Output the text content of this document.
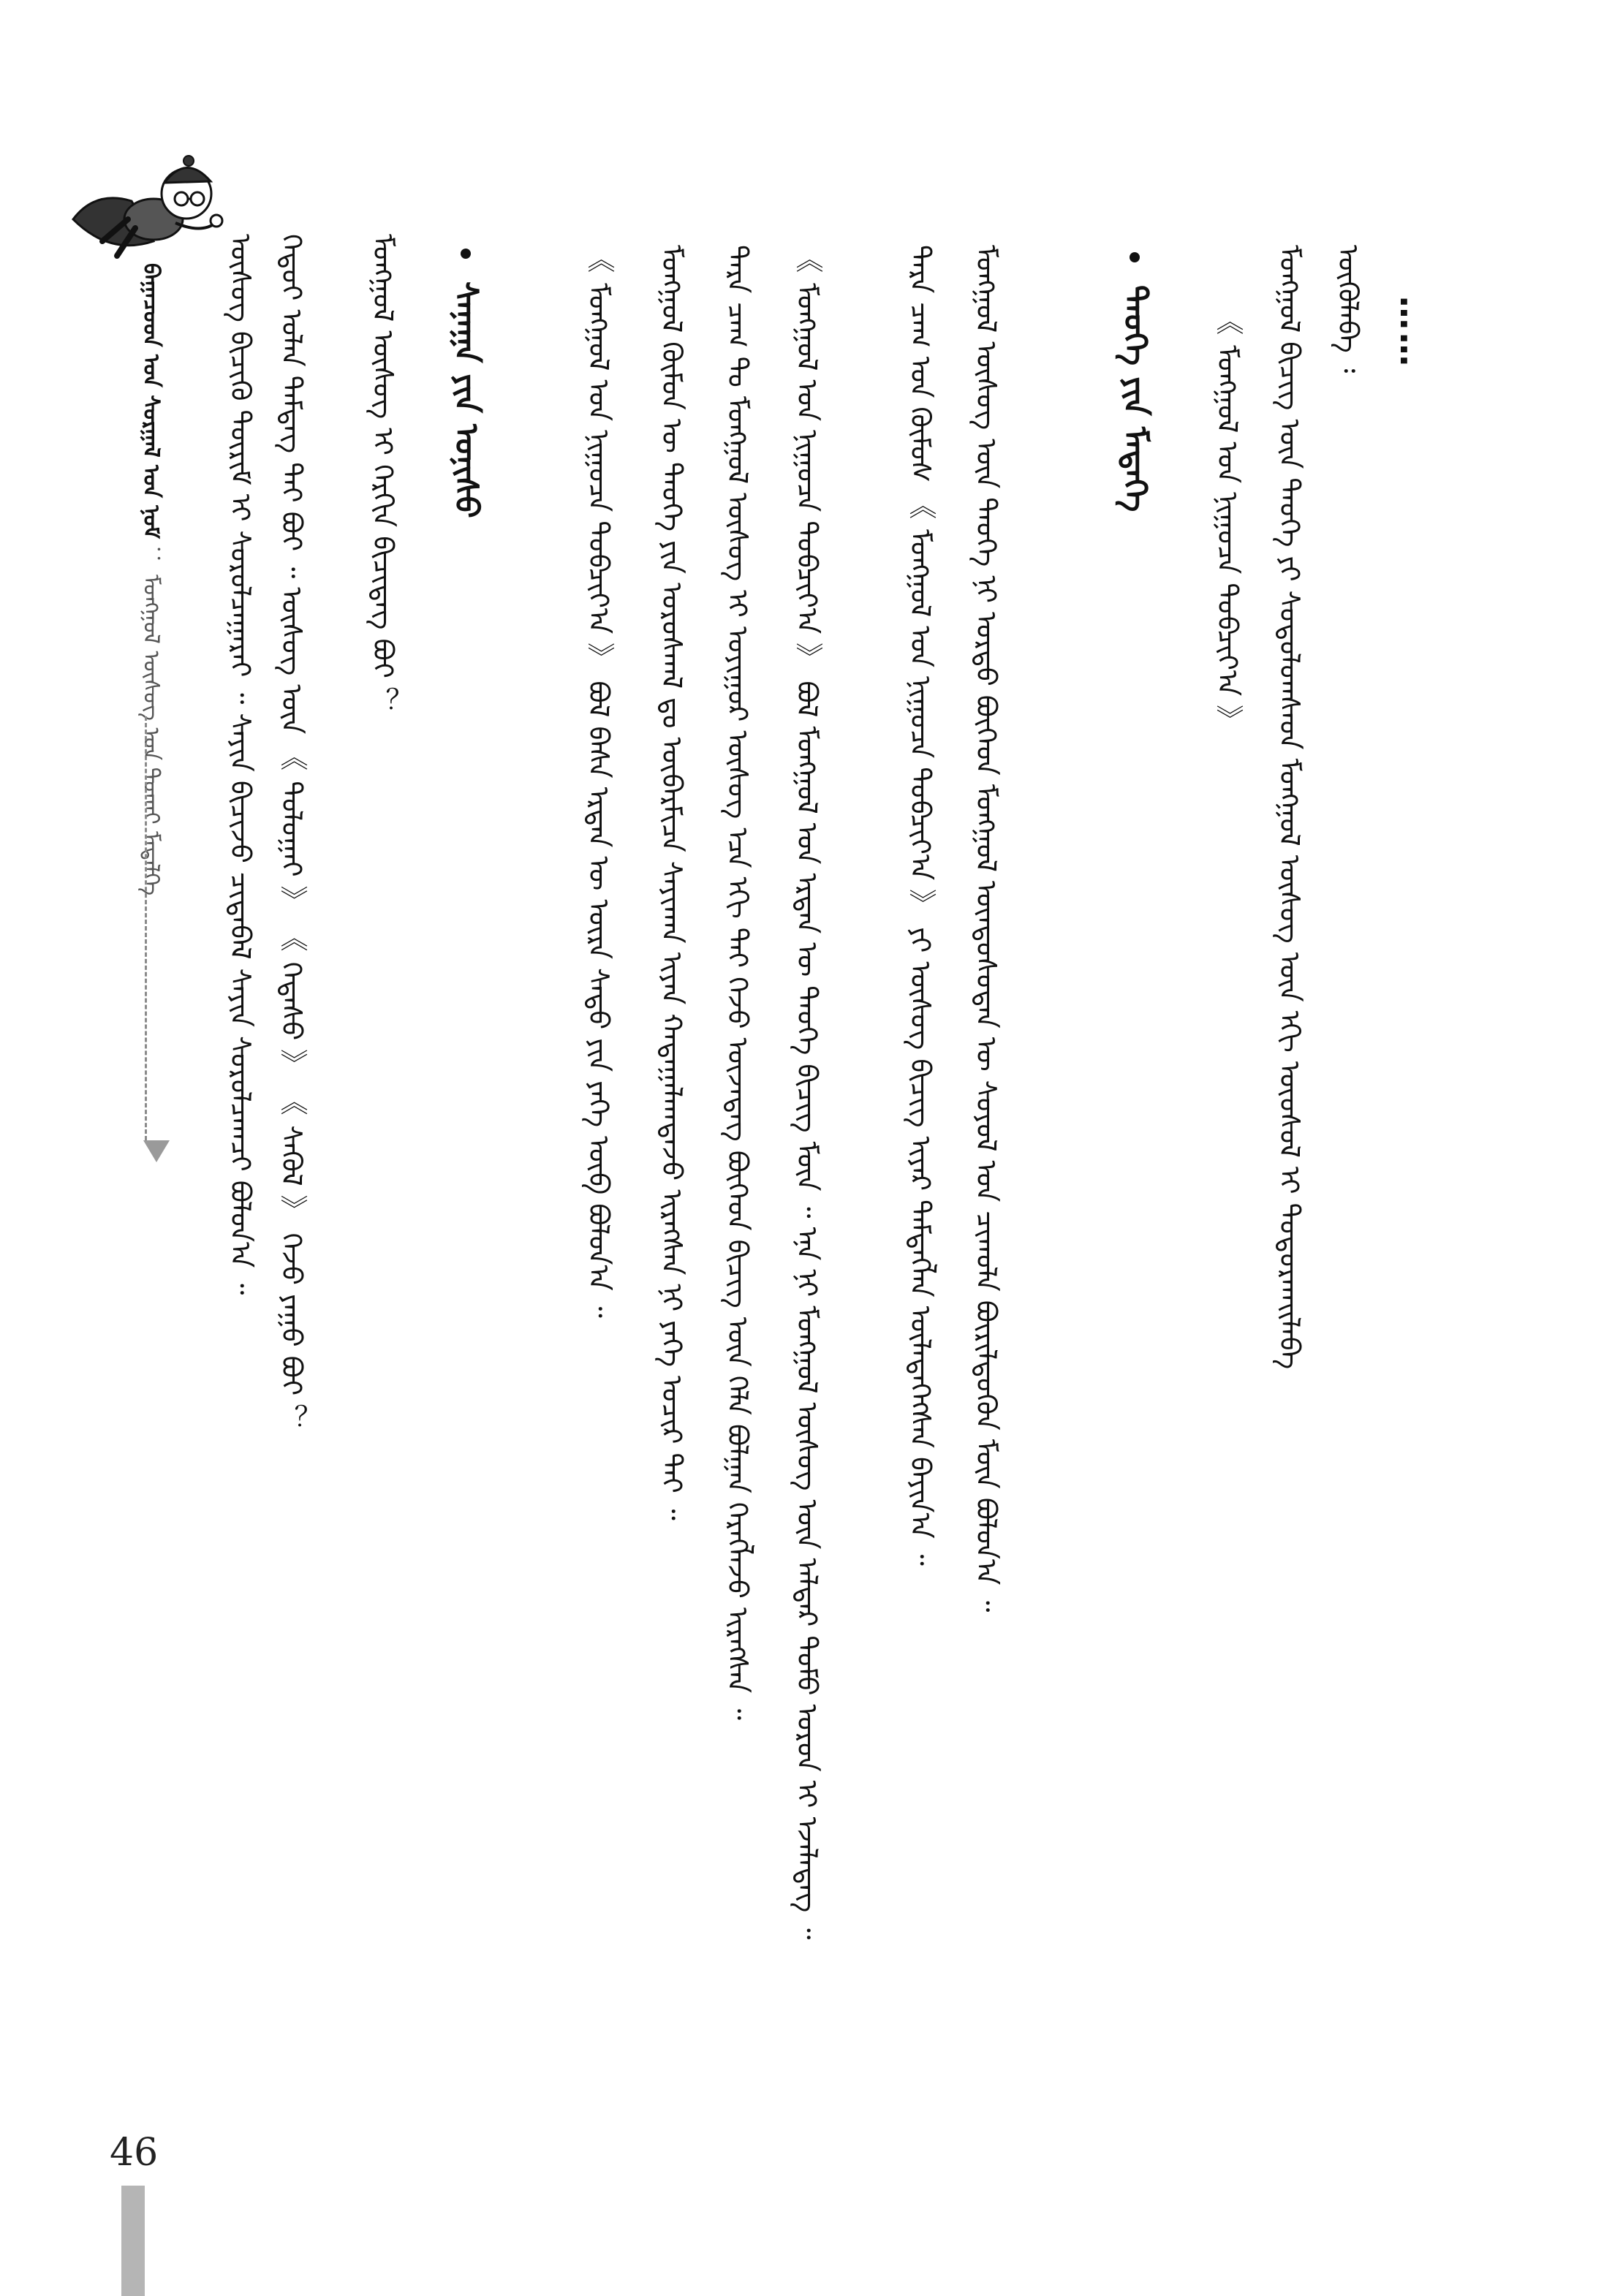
ᠪᠠᠭᠠᠴᠤᠳ ᠤᠨ ᠰᠤᠷᠭᠠᠯ ᠤᠨ ᠨᠣᠮ ： ᠮᠣᠩᠭᠣᠯ ᠦᠰᠦᠭ ᠤᠨ ᠲᠤᠬᠠᠢ ᠮᠡᠳᠡᠯᠭᠡ ᠦᠰᠦᠭ ᠪᠢᠴᠢᠬᠦ ᠳᠦᠷᠢᠮ ᠢ ᠰᠤᠷᠤᠯᠴᠠᠭᠠᠷᠠᠢ ᠃ ᠰᠠᠶᠢᠨ ᠪᠢᠴᠢᠵᠦ ᠴᠢᠳᠠᠪᠠᠯ ᠰᠠᠶᠢᠨ ᠰᠤᠷᠤᠯᠴᠠᠭᠴᠢ ᠪᠣᠯᠤᠨ᠎ᠠ ᠃ ᠬᠡᠳᠦᠢ ᠣᠯᠠᠨ ᠲᠡᠮᠳᠡᠭ ᠲᠡᠢ ᠪᠣᠢ ᠃ ᠦᠰᠦᠭ ᠦᠨ 《 ᠲᠣᠯᠣᠭᠠᠢ 》 《 ᠭᠡᠳᠡᠰᠦ 》 《 ᠰᠡᠭᠦᠯ 》 ᠭᠡᠵᠦ ᠶᠠᠭᠤ ᠪᠣᠢ ？ ᠮᠣᠩᠭᠣᠯ ᠦᠰᠦᠭ ᠢ ᠬᠡᠷᠬᠢᠨ ᠪᠢᠴᠢᠳᠡᠭ ᠪᠣᠢ ？ ᠰᠠᠨᠠᠭᠠ ᠶᠢᠨ ᠣᠨᠢᠰᠤ	《 ᠮᠣᠩᠭᠣᠯ ᠤᠨ ᠨᠢᠭᠤᠴᠠ ᠲᠣᠪᠴᠢᠶ᠎ᠠ 》 ᠪᠣᠯ ᠪᠠᠰᠠ ᠡᠷᠲᠡᠨ ᠦ ᠦᠷᠡ ᠰᠠᠳᠤ ᠶᠢᠨ ᠶᠡᠬᠡ ᠥᠪ ᠪᠣᠯᠤᠨ᠎ᠠ ᠃ ᠮᠣᠩᠭᠣᠯ ᠬᠦᠮᠦᠨ ᠦ ᠲᠡᠦᠬᠡ ᠶᠢᠨ ᠤᠷᠤᠰᠬᠠᠯ ᠳᠤ ᠥᠪᠡᠷᠮᠢᠴᠡ ᠰᠠᠶᠢᠬᠠᠨ ᠢᠶᠡᠨ ᠬᠠᠳᠠᠭᠠᠯᠠᠭᠳᠠᠵᠤ ᠢᠷᠡᠭᠰᠡᠨ ᠨᠢ ᠶᠡᠬᠡ ᠤᠴᠢᠷ ᠲᠠᠢ ᠃ ᠲᠡᠷᠡ ᠴᠠᠭ ᠲᠤ ᠮᠣᠩᠭᠣᠯ ᠦᠰᠦᠭ ᠢ ᠤᠶᠢᠭᠤᠷ ᠦᠰᠦᠭ ᠡᠴᠡ ᠡᠬᠢ ᠲᠠᠢ ᠭᠡᠵᠦ ᠦᠵᠡᠳᠡᠭ ᠪᠥᠭᠡᠳ ᠪᠢᠴᠢᠭ᠌ ᠦᠨ ᠬᠡᠯᠡ ᠪᠣᠯᠭᠠᠨ ᠬᠡᠷᠡᠭᠯᠡᠵᠦ ᠢᠷᠡᠭᠰᠡᠨ ᠃ 《 ᠮᠣᠩᠭᠣᠯ ᠤᠨ ᠨᠢᠭᠤᠴᠠ ᠲᠣᠪᠴᠢᠶ᠎ᠠ 》 ᠪᠣᠯ ᠮᠣᠩᠭᠣᠯ ᠤᠨ ᠡᠷᠲᠡᠨ ᠦ ᠲᠡᠦᠬᠡ ᠪᠢᠴᠢᠭ ᠮᠥᠨ ᠃ ᠡᠨᠡ ᠨᠢ ᠮᠣᠩᠭᠣᠯ ᠦᠰᠦᠭ ᠦᠨ ᠠᠯᠳᠠᠷ ᠲᠣᠮᠣ ᠣᠷᠣᠨ ᠢ ᠡᠵᠡᠯᠡᠳᠡᠭ ᠃	ᠲᠡᠷᠡ ᠴᠠᠭ ᠤᠨ ᠬᠦᠮᠦᠰ 《 ᠮᠣᠩᠭᠣᠯ ᠤᠨ ᠨᠢᠭᠤᠴᠠ ᠲᠣᠪᠴᠢᠶ᠎ᠠ 》 ᠶᠢ ᠦᠰᠦᠭ ᠪᠢᠴᠢᠭ᠌ ᠢᠶᠡᠷ ᠲᠡᠮᠳᠡᠭᠯᠡᠨ ᠦᠯᠡᠳᠡᠭᠡᠭᠰᠡᠨ ᠪᠠᠶᠢᠨ᠎ᠠ ᠃ ᠮᠣᠩᠭᠣᠯ ᠦᠰᠦᠭ ᠦᠨ ᠲᠡᠦᠬᠡ ᠨᠢ ᠤᠷᠲᠤ ᠪᠥᠭᠡᠳ ᠮᠣᠩᠭᠣᠯ ᠦᠨᠳᠦᠰᠦᠲᠡᠨ ᠦ ᠰᠣᠶᠣᠯ ᠤᠨ ᠴᠢᠬᠤᠯᠠ ᠪᠦᠷᠢᠯᠳᠦᠬᠦᠨ ᠮᠥᠨ ᠪᠣᠯᠤᠨ᠎ᠠ ᠃	ᠲᠡᠦᠬᠡ ᠶᠢᠨ ᠮᠡᠳᠡᠭᠡ 《 ᠮᠣᠩᠭᠣᠯ ᠤᠨ ᠨᠢᠭᠤᠴᠠ ᠲᠣᠪᠴᠢᠶ᠎ᠠ 》 ᠮᠣᠩᠭᠣᠯ ᠪᠢᠴᠢᠭ᠌ ᠦᠨ ᠲᠡᠦᠬᠡ ᠶᠢ ᠰᠤᠳᠤᠯᠤᠭᠰᠠᠳ ᠮᠣᠩᠭᠣᠯ ᠦᠰᠦᠭ ᠦᠨ ᠡᠬᠢ ᠦᠦᠰᠦᠯ ᠢ ᠲᠣᠳᠣᠷᠬᠠᠢᠯᠠᠪᠠ ᠦᠭᠦᠯᠡᠪᠡ ᠄ ……
46
